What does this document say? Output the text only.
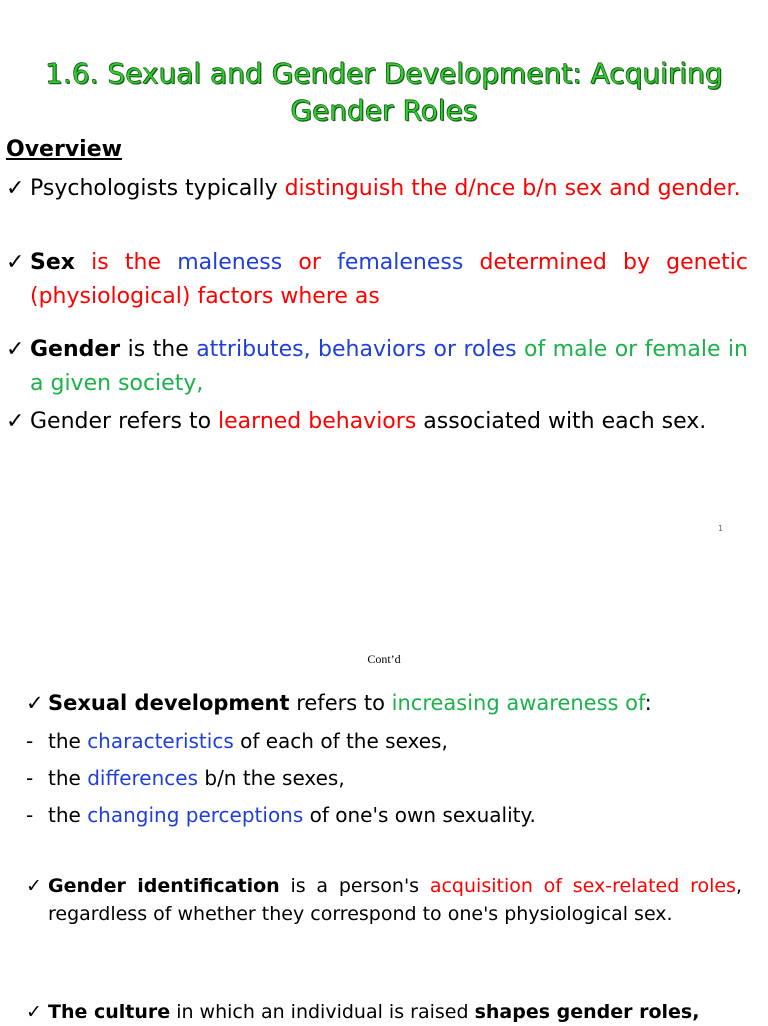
1.6. Sexual and Gender Development: Acquiring Gender Roles
Overview
✓ Psychologists typically distinguish the d/nce b/n sex and gender.
✓ Sex is the maleness or femaleness determined by genetic (physiological) factors where as
✓ Gender is the attributes, behaviors or roles of male or female in a given society,
✓ Gender refers to learned behaviors associated with each sex.
1
Cont’d
✓ Sexual development refers to increasing awareness of:
- the characteristics of each of the sexes,
- the differences b/n the sexes,
- the changing perceptions of one's own sexuality.
✓ Gender identification is a person's acquisition of sex-related roles, regardless of whether they correspond to one's physiological sex.
✓ The culture in which an individual is raised shapes gender roles,
